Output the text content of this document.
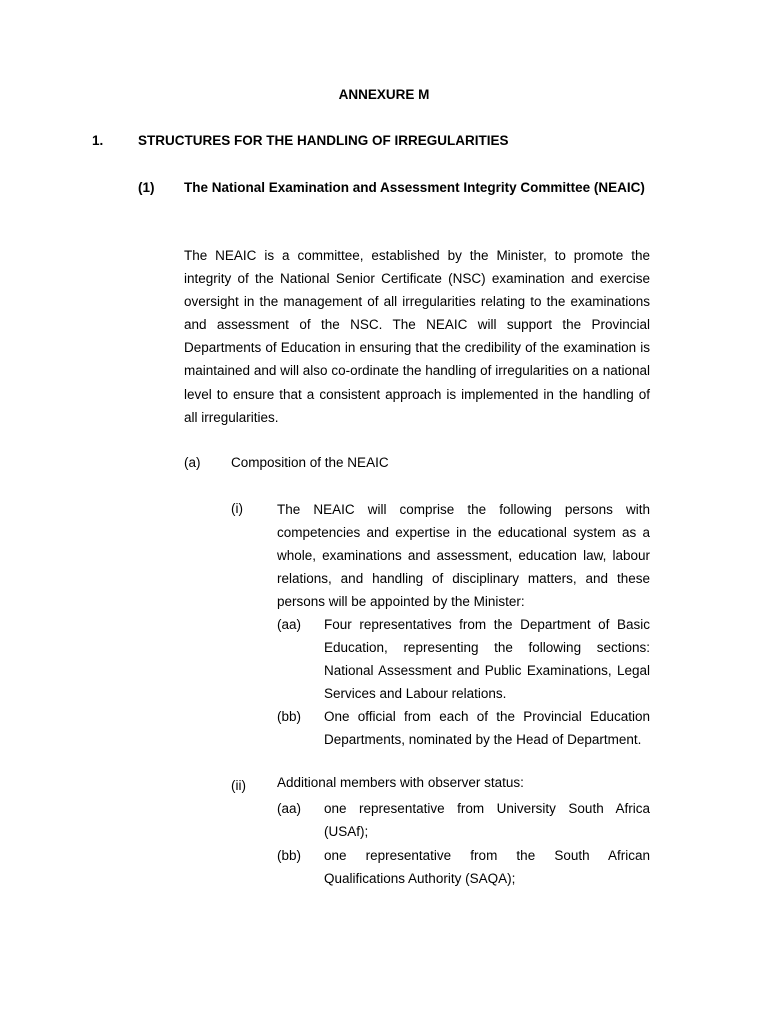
ANNEXURE M
1.	STRUCTURES FOR THE HANDLING OF IRREGULARITIES
(1) The National Examination and Assessment Integrity Committee (NEAIC)
The NEAIC is a committee, established by the Minister, to promote the integrity of the National Senior Certificate (NSC) examination and exercise oversight in the management of all irregularities relating to the examinations and assessment of the NSC. The NEAIC will support the Provincial Departments of Education in ensuring that the credibility of the examination is maintained and will also co-ordinate the handling of irregularities on a national level to ensure that a consistent approach is implemented in the handling of all irregularities.
(a) Composition of the NEAIC
(i)	The NEAIC will comprise the following persons with competencies and expertise in the educational system as a whole, examinations and assessment, education law, labour relations, and handling of disciplinary matters, and these persons will be appointed by the Minister:
(aa) Four representatives from the Department of Basic Education, representing the following sections: National Assessment and Public Examinations, Legal Services and Labour relations.
(bb) One official from each of the Provincial Education Departments, nominated by the Head of Department.
(ii) Additional members with observer status:
(aa) one representative from University South Africa (USAf);
(bb) one representative from the South African Qualifications Authority (SAQA);
